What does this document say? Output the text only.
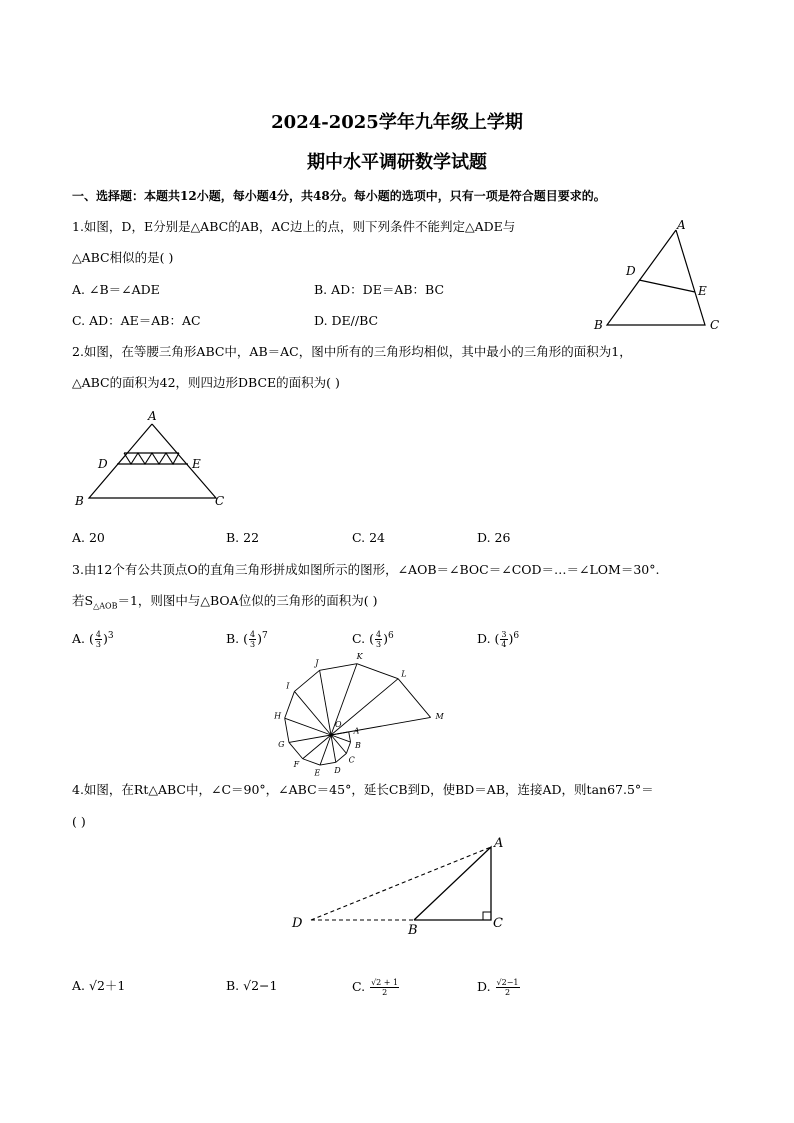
2024-2025学年九年级上学期
期中水平调研数学试题
一、选择题：本题共12小题，每小题4分，共48分。每小题的选项中，只有一项是符合题目要求的。
1.如图，D，E分别是△ABC的AB，AC边上的点，则下列条件不能判定△ADE与
△ABC相似的是( )
A. ∠B＝∠ADE	B. AD：DE＝AB：BC
C. AD：AE＝AB：AC	D. DE//BC
A
D
E
B	C
2.如图，在等腰三角形ABC中，AB＝AC，图中所有的三角形均相似，其中最小的三角形的面积为1，
△ABC的面积为42，则四边形DBCE的面积为( )
A
D	E
B	C
A. 20	B. 22	C. 24	D. 26
3.由12个有公共顶点O的直角三角形拼成如图所示的图形，∠AOB＝∠BOC＝∠COD＝…＝∠LOM＝30°.
若$S_{\triangle AOB}=1$，则图中与△BOA位似的三角形的面积为( )
A. ( $\frac{4}{3} )^3$	B. ( $\frac{4}{3} )^7$	C. ( $\frac{4}{3} )^6$	D. ( $\frac{3}{4} )^6$
O
A
B
C
D
E
F
G
H
I
J
K
L
M
4.如图，在Rt△ABC中，∠C＝90°，∠ABC＝45°，延长CB到D，使BD＝AB，连接AD，则tan67.5°＝
( )
A
D	B	C
A. √2＋1	B. √2−1	C. $\frac{√2 + 1}{2}$	D. $\frac{√2-1}{2}$
